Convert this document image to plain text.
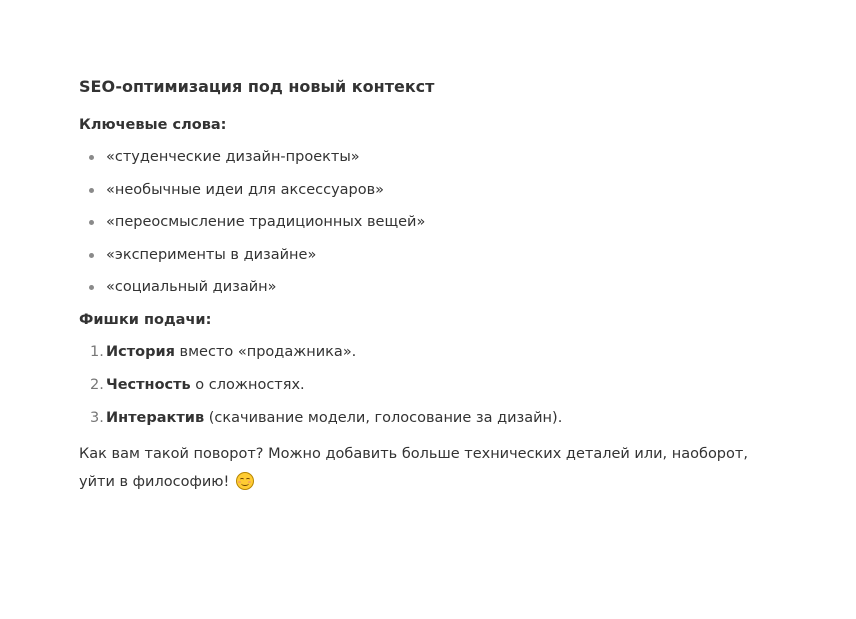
SEO-оптимизация под новый контекст
Ключевые слова:
«студенческие дизайн-проекты»
«необычные идеи для аксессуаров»
«переосмысление традиционных вещей»
«эксперименты в дизайне»
«социальный дизайн»
Фишки подачи:
1. История вместо «продажника».
2. Честность о сложностях.
3. Интерактив (скачивание модели, голосование за дизайн).
Как вам такой поворот? Можно добавить больше технических деталей или, наоборот, уйти в философию!
